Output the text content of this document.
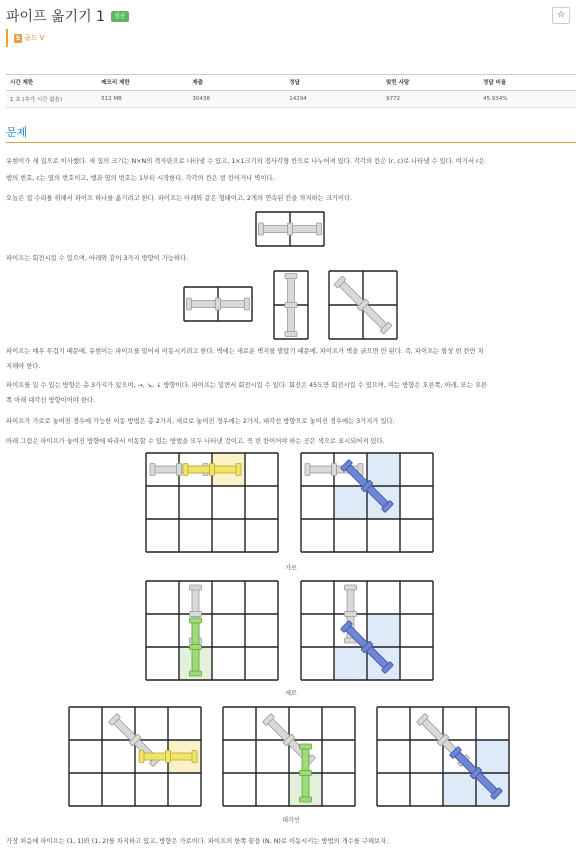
파이프 옮기기 1	성공	☆
5 골드 V
시간 제한	메모리 제한	제출	정답	맞힌 사람	정답 비율
1 초 (추가 시간 없음)	512 MB	30438	14294	9772	45.934%
문제
유현이가 새 집으로 이사했다. 새 집의 크기는 N×N의 격자판으로 나타낼 수 있고, 1×1크기의 정사각형 칸으로 나누어져 있다. 각각의 칸은 (r, c)로 나타낼 수 있다. 여기서 r은
행의 번호, c는 열의 번호이고, 행과 열의 번호는 1부터 시작한다. 각각의 칸은 빈 칸이거나 벽이다.
오늘은 집 수리를 위해서 파이프 하나를 옮기려고 한다. 파이프는 아래와 같은 형태이고, 2개의 연속된 칸을 차지하는 크기이다.
파이프는 회전시킬 수 있으며, 아래와 같이 3가지 방향이 가능하다.
파이프는 매우 무겁기 때문에, 유현이는 파이프를 밀어서 이동시키려고 한다. 벽에는 새로운 벽지를 발랐기 때문에, 파이프가 벽을 긁으면 안 된다. 즉, 파이프는 항상 빈 칸만 차
지해야 한다.
파이프를 밀 수 있는 방향은 총 3가지가 있으며, →, ↘, ↓ 방향이다. 파이프는 밀면서 회전시킬 수 있다. 회전은 45도만 회전시킬 수 있으며, 미는 방향은 오른쪽, 아래, 또는 오른
쪽 아래 대각선 방향이어야 한다.
파이프가 가로로 놓여진 경우에 가능한 이동 방법은 총 2가지, 세로로 놓여진 경우에는 2가지, 대각선 방향으로 놓여진 경우에는 3가지가 있다.
아래 그림은 파이프가 놓여진 방향에 따라서 이동할 수 있는 방법을 모두 나타낸 것이고, 꼭 빈 칸이어야 하는 곳은 색으로 표시되어져 있다.
가장 처음에 파이프는 (1, 1)와 (1, 2)를 차지하고 있고, 방향은 가로이다. 파이프의 한쪽 끝을 (N, N)로 이동시키는 방법의 개수를 구해보자.
가로
세로
대각선
